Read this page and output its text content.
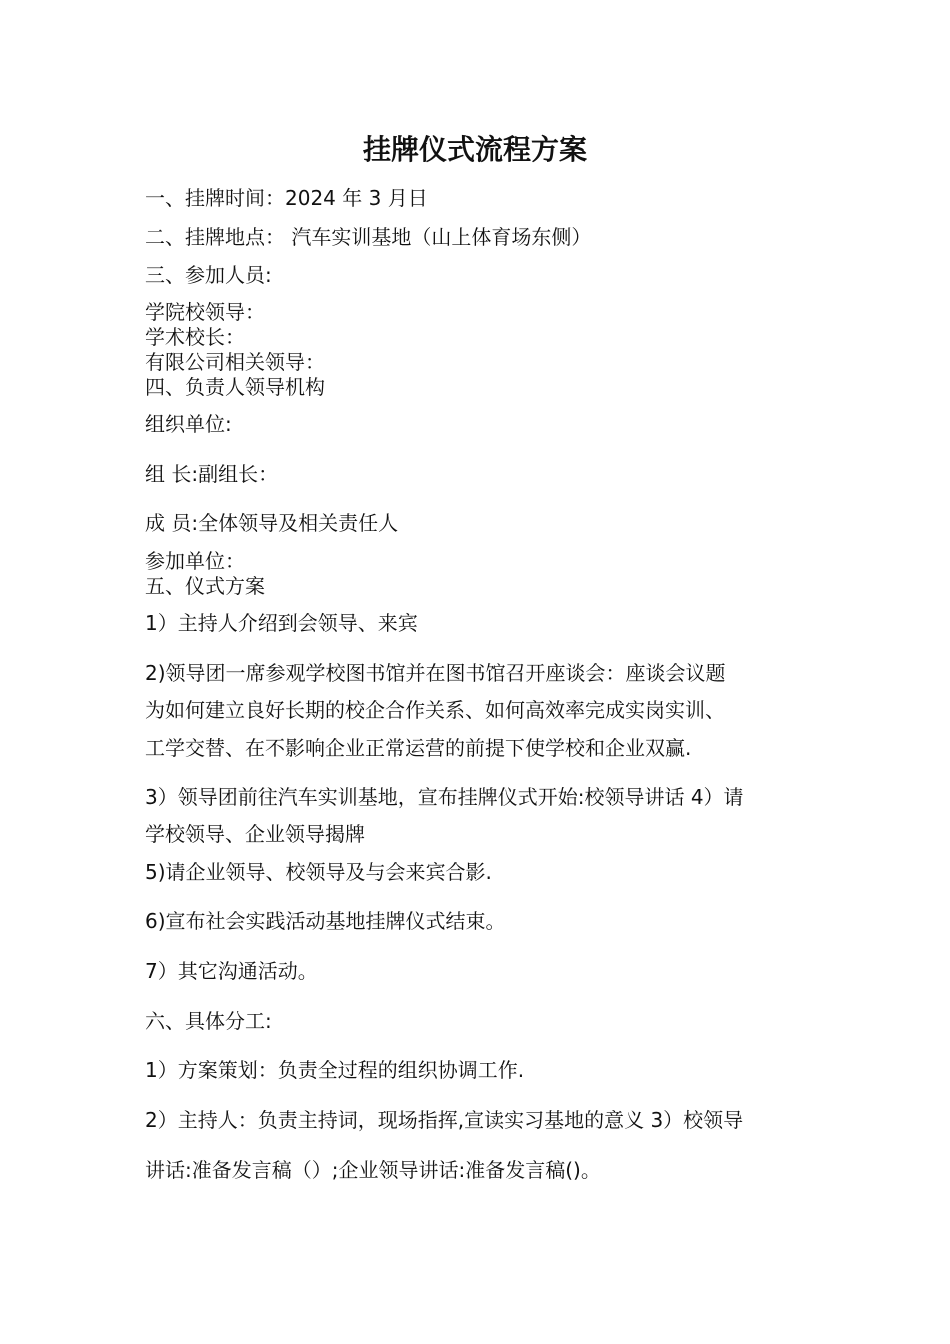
挂牌仪式流程方案
一、挂牌时间：2024 年 3 月日
二、挂牌地点： 汽车实训基地（山上体育场东侧）
三、参加人员:
学院校领导：
学术校长：
有限公司相关领导：
四、负责人领导机构
组织单位:
组 长:副组长：
成 员:全体领导及相关责任人
参加单位：
五、仪式方案
1）主持人介绍到会领导、来宾
2)领导团一席参观学校图书馆并在图书馆召开座谈会：座谈会议题
为如何建立良好长期的校企合作关系、如何高效率完成实岗实训、
工学交替、在不影响企业正常运营的前提下使学校和企业双赢.
3）领导团前往汽车实训基地，宣布挂牌仪式开始:校领导讲话 4）请
学校领导、企业领导揭牌
5)请企业领导、校领导及与会来宾合影.
6)宣布社会实践活动基地挂牌仪式结束。
7）其它沟通活动。
六、具体分工:
1）方案策划：负责全过程的组织协调工作.
2）主持人：负责主持词，现场指挥,宣读实习基地的意义 3）校领导
讲话:准备发言稿（）;企业领导讲话:准备发言稿()。
